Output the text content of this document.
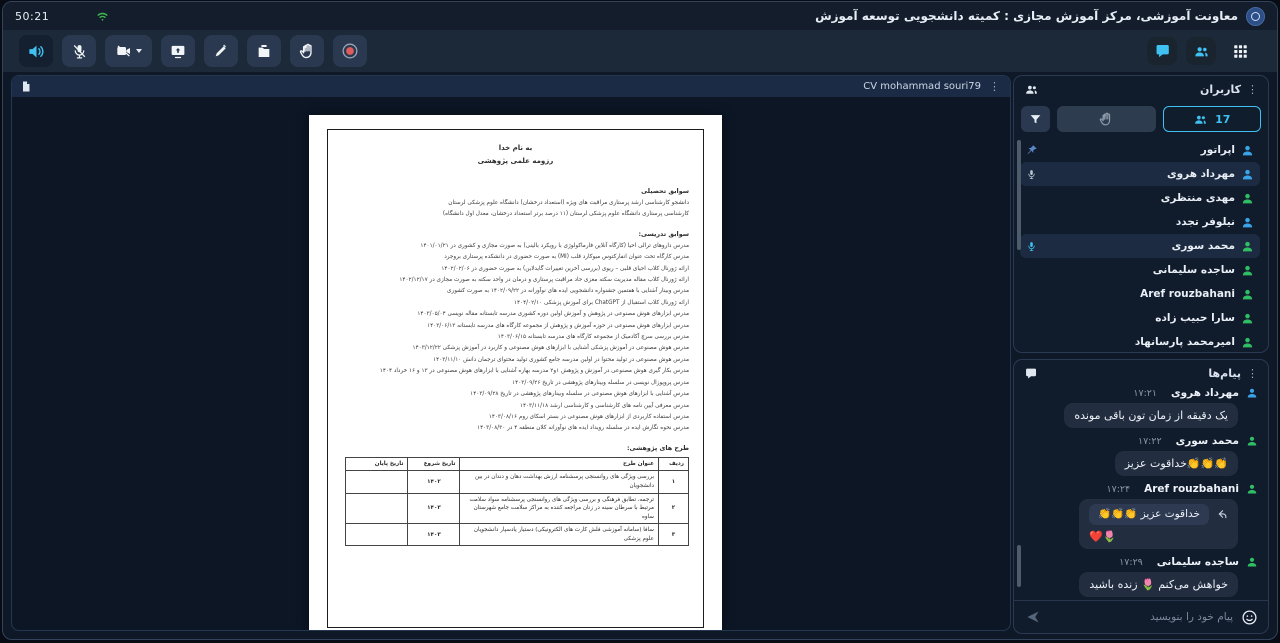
50:21	معاونت آموزشی، مرکز آموزش مجازی : کمیته دانشجویی توسعه آموزش
CV mohammad souri79 ⋮
به نام خدا
رزومه علمی پژوهشی
سوابق تحصیلی
دانشجو کارشناسی ارشد پرستاری مراقبت های ویژه (استعداد درخشان) دانشگاه علوم پزشکی لرستان
کارشناسی پرستاری دانشگاه علوم پزشکی لرستان (۱۱ درصد برتر استعداد درخشان، معدل اول دانشگاه)
سوابق تدریسی:
مدرس داروهای ترالی احیا (کارگاه آنلاین فارماکولوژی با رویکرد بالینی) به صورت مجازی و کشوری در ۱۴۰۱/۰۱/۲۱
مدرس کارگاه تحت عنوان انفارکتوس میوکارد قلب (MI) به صورت حضوری در دانشکده پرستاری بروجرد
ارائه ژورنال کلاب احیای قلبی – ریوی (بررسی آخرین تغییرات گایدلاین) به صورت حضوری در ۱۴۰۲/۰۲/۰۶
ارائه ژورنال کلاب مقاله مدیریت سکته مغزی حاد مراقبت پرستاری و درمان در واحد سکته به صورت مجازی در ۱۴۰۲/۱۲/۱۷
مدرس وبینار آشنایی با هفتمین جشنواره دانشجویی ایده های نوآورانه در ۱۴۰۲/۰۹/۲۲ به صورت کشوری
ارائه ژورنال کلاب استقبال از ChatGPT برای آموزش پزشکی ۱۴۰۴/۰۲/۱۰
مدرس ابزارهای هوش مصنوعی در پژوهش و آموزش اولین دوره کشوری مدرسه تابستانه مقاله نویسی ۱۴۰۳/۰۵/۰۴
مدرس ابزارهای هوش مصنوعی در حوزه آموزش و پژوهش از مجموعه کارگاه های مدرسه تابستانه ۱۴۰۳/۰۶/۱۳
مدرس بررسی سرچ آکادمیک از مجموعه کارگاه های مدرسه تابستانه ۱۴۰۳/۰۶/۱۵
مدرس هوش مصنوعی در آموزش پزشکی آشنایی با ابزارهای هوش مصنوعی و کاربرد در آموزش پزشکی ۱۴۰۳/۱۲/۲۲
مدرس هوش مصنوعی در تولید محتوا در اولین مدرسه جامع کشوری تولید محتوای ترجمان دانش ۱۴۰۳/۱۱/۱۰
مدرس بکار گیری هوش مصنوعی در آموزش و پژوهش ۱و۲ مدرسه بهاره آشنایی با ابزارهای هوش مصنوعی در ۱۳ و ۱۶ خرداد ۱۴۰۴
مدرس پروپوزال نویسی در سلسله وبینارهای پژوهشی در تاریخ ۱۴۰۳/۰۹/۲۶
مدرس آشنایی با ابزارهای هوش مصنوعی در سلسله وبینارهای پژوهشی در تاریخ ۱۴۰۳/۰۹/۲۸
مدرس معرفی آیین نامه های کارشناسی و کارشناسی ارشد ۱۴۰۳/۱۱/۱۸
مدرس استفاده کاربردی از ابزارهای هوش مصنوعی در بستر اسکای روم ۱۴۰۳/۰۸/۱۶
مدرس نحوه نگارش ایده در سلسله رویداد ایده های نوآورانه کلان منطقه ۴ در ۱۴۰۳/۰۸/۳۰
طرح های پژوهشی:
ردیف	عنوان طرح	تاریخ شروع	تاریخ پایان
۱	بررسی ویژگی های روانسنجی پرسشنامه ارزش بهداشت دهان و دندان در بین دانشجویان	۱۴۰۲	
۲	ترجمه، تطابق فرهنگی و بررسی ویژگی های روانسنجی پرسشنامه سواد سلامت مرتبط با سرطان سینه در زنان مراجعه کننده به مراکز سلامت جامع شهرستان ساوه	۱۴۰۳	
۳	سافا (سامانه آموزشی فلش کارت های الکترونیکی) دستیار یادسپار دانشجویان علوم پزشکی	۱۴۰۳	
کاربران ⋮
17
اپراتور
مهرداد هروی
مهدی منتظری
نیلوفر تجدد
محمد سوری
ساجده سلیمانی
Aref rouzbahani
سارا حبیب زاده
امیرمحمد پارسانهاد
پیام‌ها ⋮
مهرداد هروی
۱۷:۲۱
یک دقیقه از زمان تون باقی مونده
محمد سوری
۱۷:۲۲
👏👏👏خداقوت عزیز
Aref rouzbahani
۱۷:۲۴
خداقوت عزیز 👏👏👏
🌷❤️
ساجده سلیمانی
۱۷:۲۹
خواهش می‌کنم 🌷 زنده باشید
پیام خود را بنویسید
